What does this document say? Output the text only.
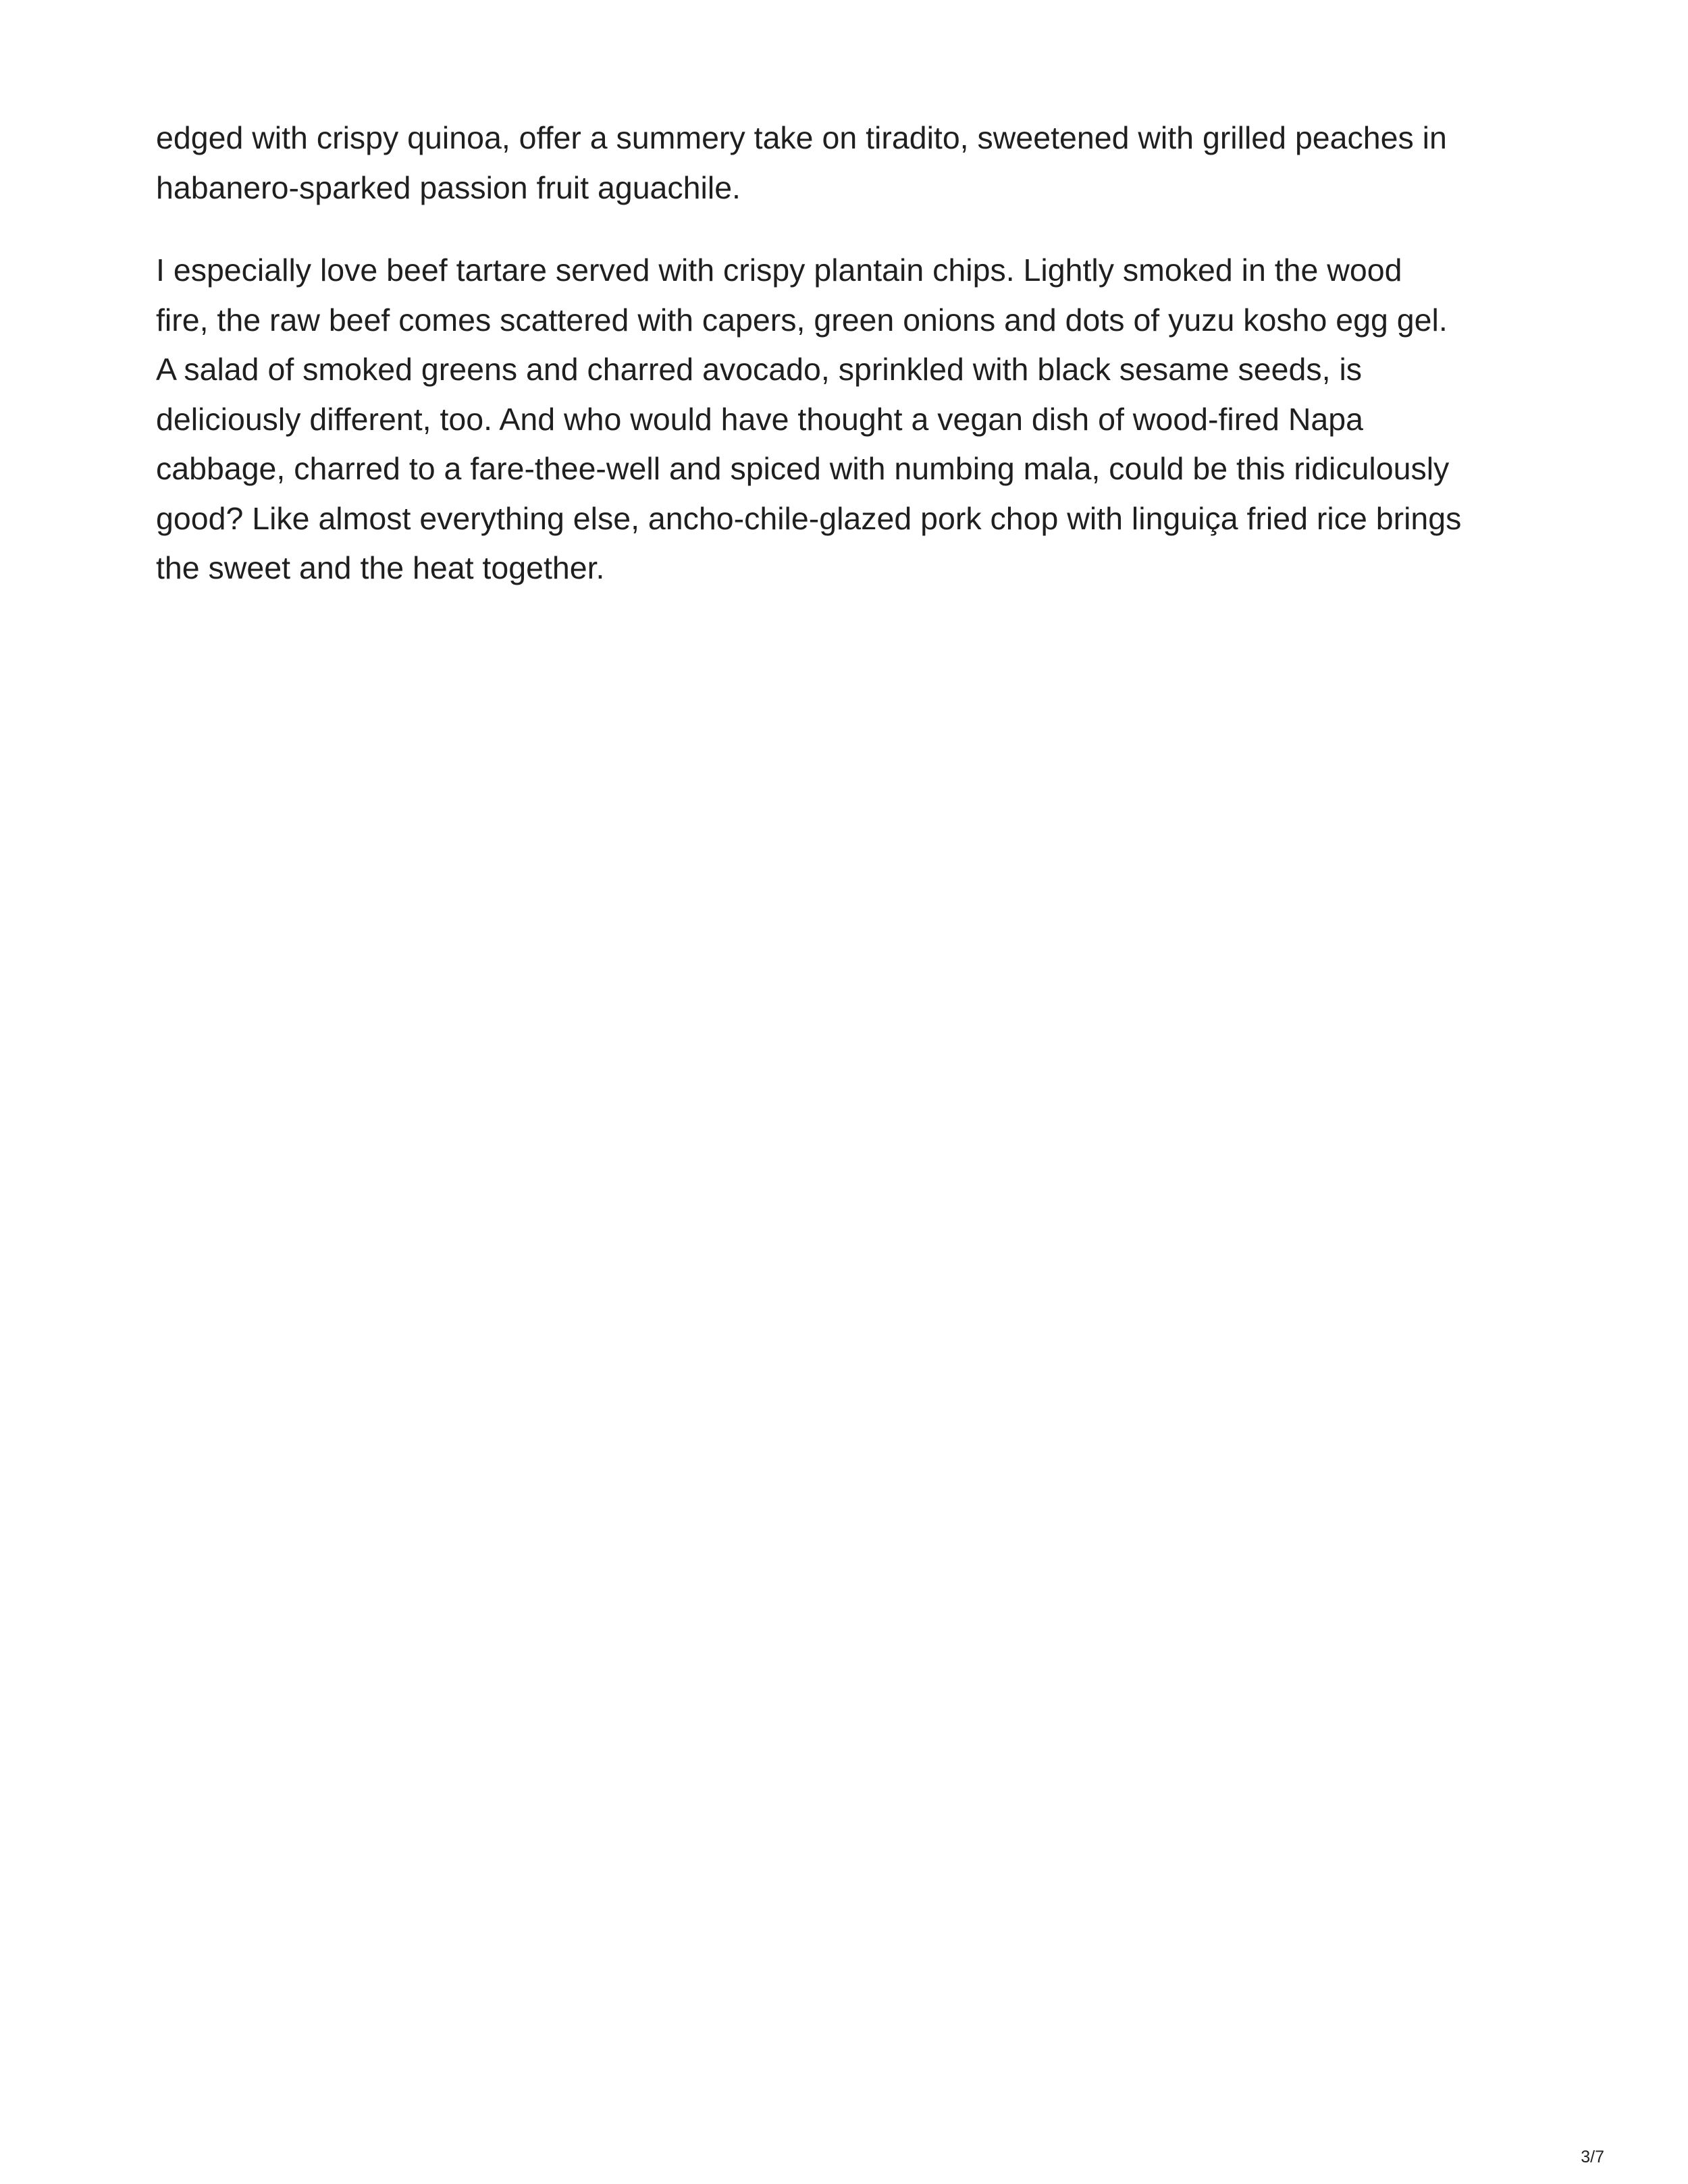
edged with crispy quinoa, offer a summery take on tiradito, sweetened with grilled peaches in
habanero-sparked passion fruit aguachile.

I especially love beef tartare served with crispy plantain chips. Lightly smoked in the wood
fire, the raw beef comes scattered with capers, green onions and dots of yuzu kosho egg gel.
A salad of smoked greens and charred avocado, sprinkled with black sesame seeds, is
deliciously different, too. And who would have thought a vegan dish of wood-fired Napa
cabbage, charred to a fare-thee-well and spiced with numbing mala, could be this ridiculously
good? Like almost everything else, ancho-chile-glazed pork chop with linguiça fried rice brings
the sweet and the heat together.

3/7
